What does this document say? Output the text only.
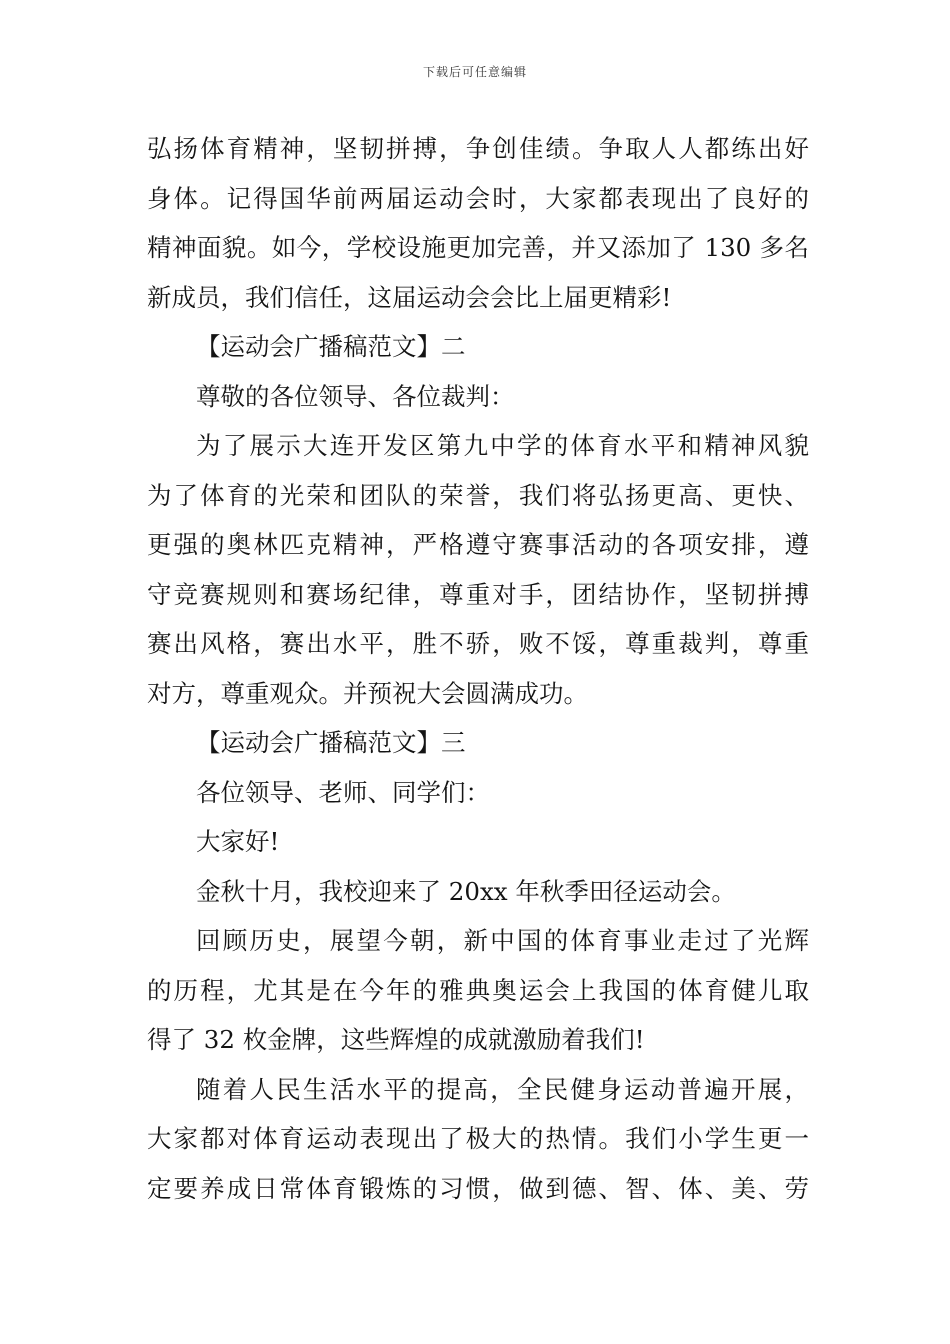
下载后可任意编辑
弘扬体育精神，坚韧拼搏，争创佳绩。争取人人都练出好
身体。记得国华前两届运动会时，大家都表现出了良好的
精神面貌。如今，学校设施更加完善，并又添加了 130 多名
新成员，我们信任，这届运动会会比上届更精彩!
【运动会广播稿范文】二
尊敬的各位领导、各位裁判：
为了展示大连开发区第九中学的体育水平和精神风貌
为了体育的光荣和团队的荣誉，我们将弘扬更高、更快、
更强的奥林匹克精神，严格遵守赛事活动的各项安排，遵
守竞赛规则和赛场纪律，尊重对手，团结协作，坚韧拼搏
赛出风格，赛出水平，胜不骄，败不馁，尊重裁判，尊重
对方，尊重观众。并预祝大会圆满成功。
【运动会广播稿范文】三
各位领导、老师、同学们：
大家好!
金秋十月，我校迎来了 20xx 年秋季田径运动会。
回顾历史，展望今朝，新中国的体育事业走过了光辉
的历程，尤其是在今年的雅典奥运会上我国的体育健儿取
得了 32 枚金牌，这些辉煌的成就激励着我们!
随着人民生活水平的提高，全民健身运动普遍开展，
大家都对体育运动表现出了极大的热情。我们小学生更一
定要养成日常体育锻炼的习惯，做到德、智、体、美、劳
